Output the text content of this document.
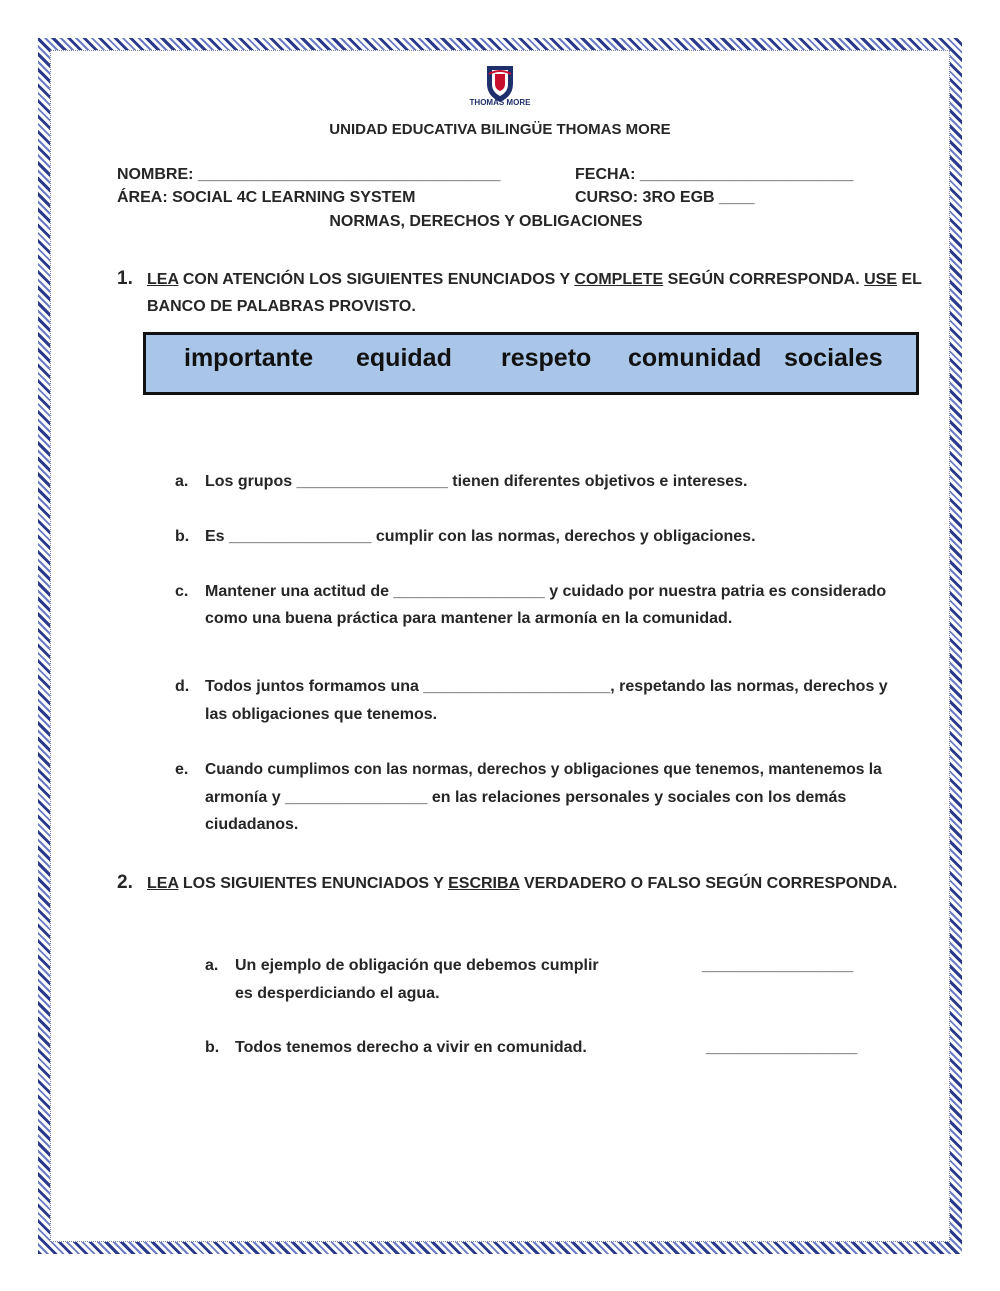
THOMAS MORE
UNIDAD EDUCATIVA BILINGÜE THOMAS MORE
NOMBRE: __________________________________	FECHA: ________________________
ÁREA: SOCIAL 4C LEARNING SYSTEM	CURSO: 3RO EGB ____
NORMAS, DERECHOS Y OBLIGACIONES
1. LEA CON ATENCIÓN LOS SIGUIENTES ENUNCIADOS Y COMPLETE SEGÚN CORRESPONDA. USE EL
BANCO DE PALABRAS PROVISTO.
importante equidad respeto comunidad sociales
a. Los grupos _________________ tienen diferentes objetivos e intereses.
b. Es ________________ cumplir con las normas, derechos y obligaciones.
c. Mantener una actitud de _________________ y cuidado por nuestra patria es considerado
como una buena práctica para mantener la armonía en la comunidad.
d. Todos juntos formamos una _____________________, respetando las normas, derechos y
las obligaciones que tenemos.
e. Cuando cumplimos con las normas, derechos y obligaciones que tenemos, mantenemos la
armonía y ________________ en las relaciones personales y sociales con los demás
ciudadanos.
2. LEA LOS SIGUIENTES ENUNCIADOS Y ESCRIBA VERDADERO O FALSO SEGÚN CORRESPONDA.
a. Un ejemplo de obligación que debemos cumplir
es desperdiciando el agua.
_________________
b. Todos tenemos derecho a vivir en comunidad.	_________________
